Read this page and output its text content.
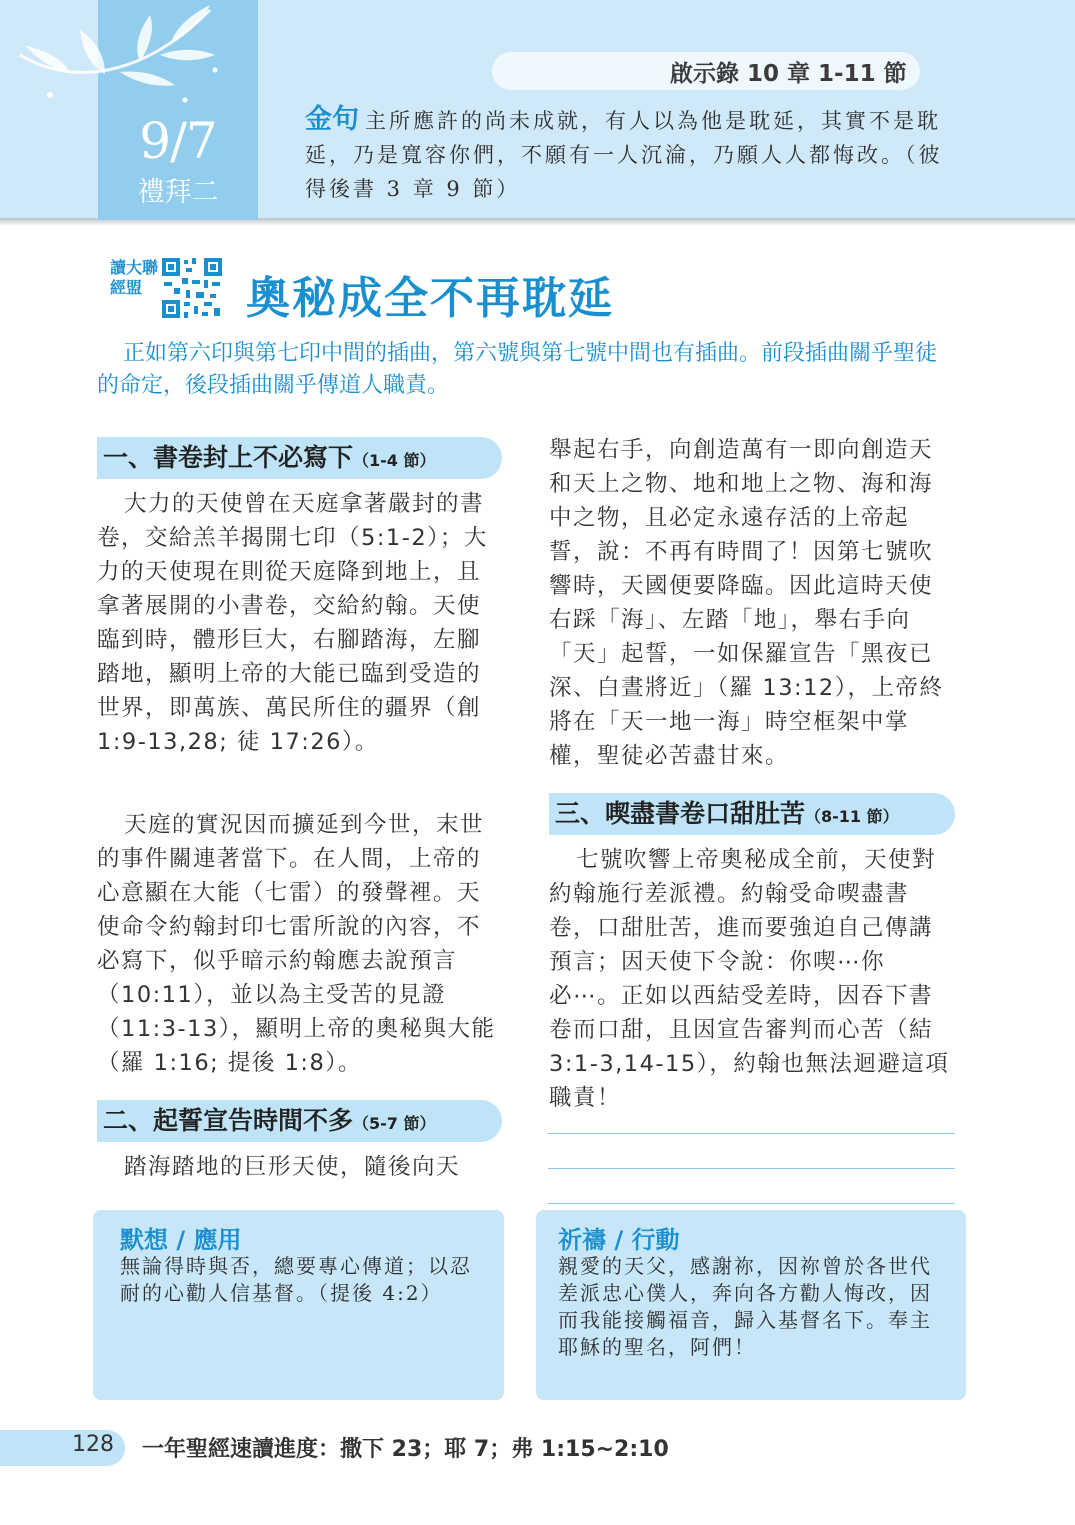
9/7
禮拜二
啟示錄 10 章 1-11 節
金句 主所應許的尚未成就，有人以為他是耽延，其實不是耽延，乃是寬容你們，不願有一人沉淪，乃願人人都悔改。（彼得後書 3 章 9 節）
讀大聯經盟	奧秘成全不再耽延
正如第六印與第七印中間的插曲，第六號與第七號中間也有插曲。前段插曲關乎聖徒的命定，後段插曲關乎傳道人職責。
一、書卷封上不必寫下（1-4 節）
大力的天使曾在天庭拿著嚴封的書卷，交給羔羊揭開七印（5:1-2）；大力的天使現在則從天庭降到地上，且拿著展開的小書卷，交給約翰。天使臨到時，體形巨大，右腳踏海，左腳踏地，顯明上帝的大能已臨到受造的世界，即萬族、萬民所住的疆界（創 1:9-13,28; 徒 17:26）。
天庭的實況因而擴延到今世，末世的事件關連著當下。在人間，上帝的心意顯在大能（七雷）的發聲裡。天使命令約翰封印七雷所說的內容，不必寫下，似乎暗示約翰應去說預言（10:11），並以為主受苦的見證（11:3-13），顯明上帝的奧秘與大能（羅 1:16; 提後 1:8）。
二、起誓宣告時間不多（5-7 節）
踏海踏地的巨形天使，隨後向天
舉起右手，向創造萬有一即向創造天和天上之物、地和地上之物、海和海中之物，且必定永遠存活的上帝起誓，說：不再有時間了！因第七號吹響時，天國便要降臨。因此這時天使右踩「海」、左踏「地」，舉右手向「天」起誓，一如保羅宣告「黑夜已深、白晝將近」（羅 13:12），上帝終將在「天一地一海」時空框架中掌權，聖徒必苦盡甘來。
三、喫盡書卷口甜肚苦（8-11 節）
七號吹響上帝奧秘成全前，天使對約翰施行差派禮。約翰受命喫盡書卷，口甜肚苦，進而要強迫自己傳講預言；因天使下令說：你喫⋯你必⋯。正如以西結受差時，因吞下書卷而口甜，且因宣告審判而心苦（結 3:1-3,14-15），約翰也無法迴避這項職責！
默想 / 應用
無論得時與否，總要專心傳道；以忍耐的心勸人信基督。（提後 4:2）
祈禱 / 行動
親愛的天父，感謝祢，因祢曾於各世代差派忠心僕人，奔向各方勸人悔改，因而我能接觸福音，歸入基督名下。奉主耶穌的聖名，阿們！
128 一年聖經速讀進度：撒下 23；耶 7；弗 1:15~2:10
